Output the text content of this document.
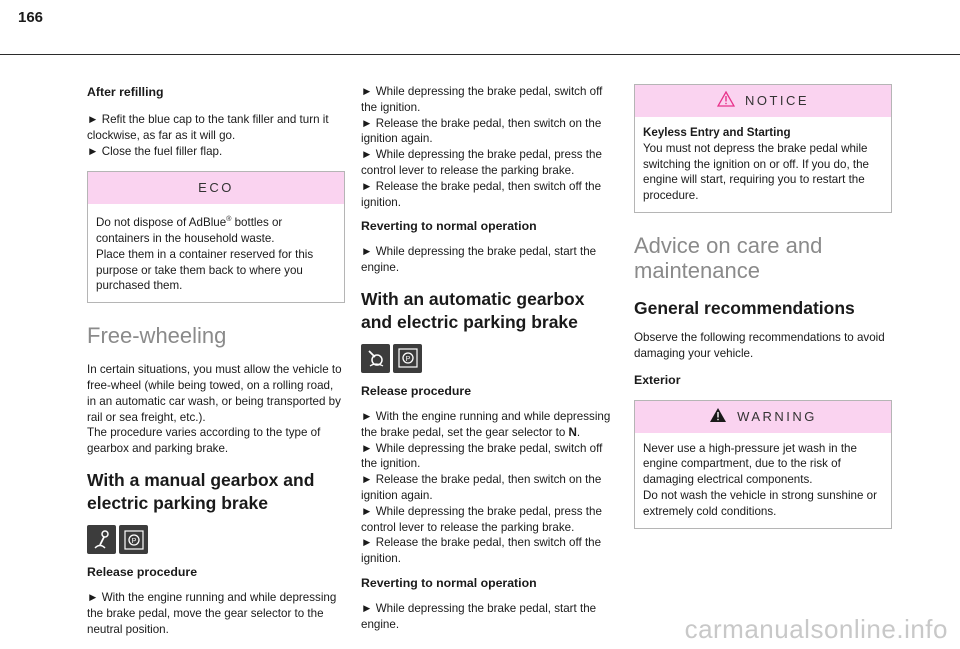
166
After refilling

► Refit the blue cap to the tank filler and turn it clockwise, as far as it will go.

► Close the fuel filler flap.

ECO

Do not dispose of AdBlue® bottles or containers in the household waste.

Place them in a container reserved for this purpose or take them back to where you purchased them.

Free-wheeling

In certain situations, you must allow the vehicle to free-wheel (while being towed, on a rolling road, in an automatic car wash, or being transported by rail or sea freight, etc.).

The procedure varies according to the type of gearbox and parking brake.

With a manual gearbox and electric parking brake
P
Release procedure

► With the engine running and while depressing the brake pedal, move the gear selector to the neutral position.

► While depressing the brake pedal, switch off the ignition.

► Release the brake pedal, then switch on the ignition again.

► While depressing the brake pedal, press the control lever to release the parking brake.

► Release the brake pedal, then switch off the ignition.

Reverting to normal operation

► While depressing the brake pedal, start the engine.

With an automatic gearbox and electric parking brake
P
Release procedure

► With the engine running and while depressing the brake pedal, set the gear selector to N.

► While depressing the brake pedal, switch off the ignition.

► Release the brake pedal, then switch on the ignition again.

► While depressing the brake pedal, press the control lever to release the parking brake.

► Release the brake pedal, then switch off the ignition.

Reverting to normal operation

► While depressing the brake pedal, start the engine.

NOTICE

Keyless Entry and Starting

You must not depress the brake pedal while switching the ignition on or off. If you do, the engine will start, requiring you to restart the procedure.

Advice on care and maintenance
General recommendations

Observe the following recommendations to avoid damaging your vehicle.

Exterior
WARNING

Never use a high-pressure jet wash in the engine compartment, due to the risk of damaging electrical components.

Do not wash the vehicle in strong sunshine or extremely cold conditions.

carmanualsonline.info
